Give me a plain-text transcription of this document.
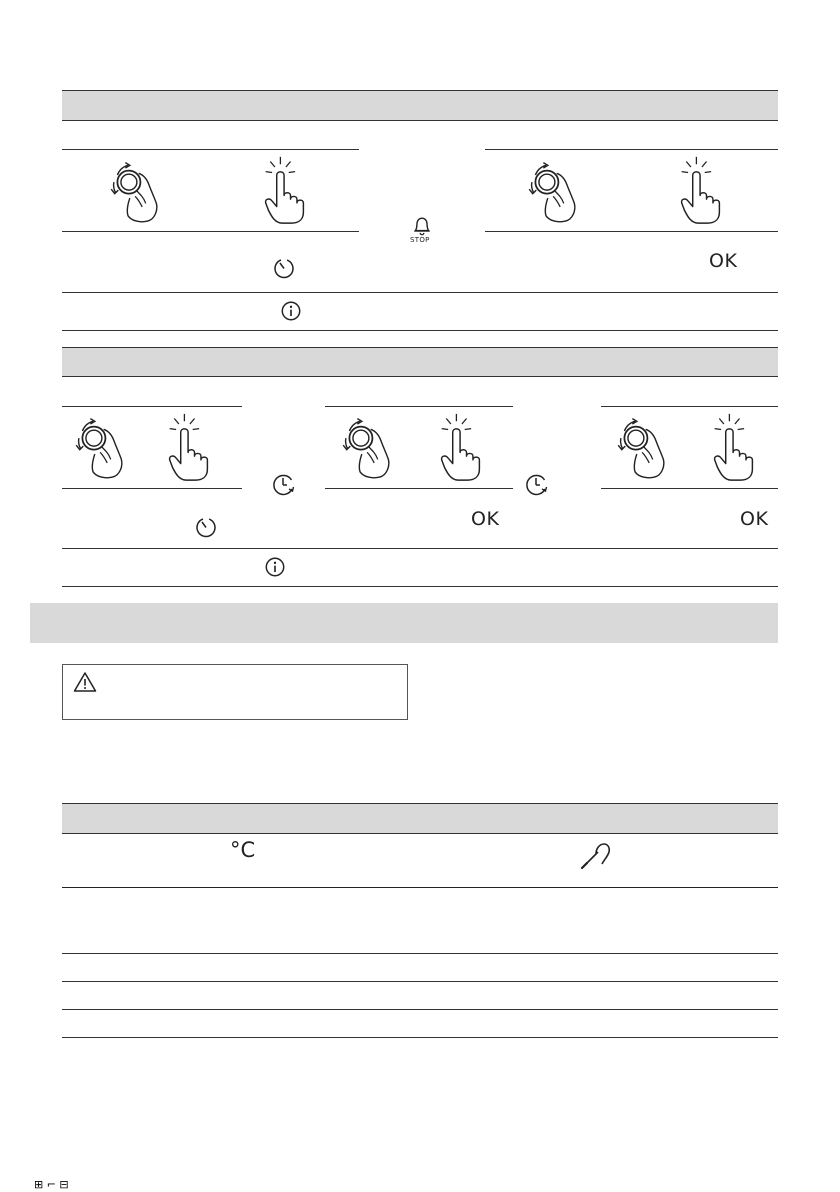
STOP
OK
OK	OK
°C
⊞ ⌐ ⊟
